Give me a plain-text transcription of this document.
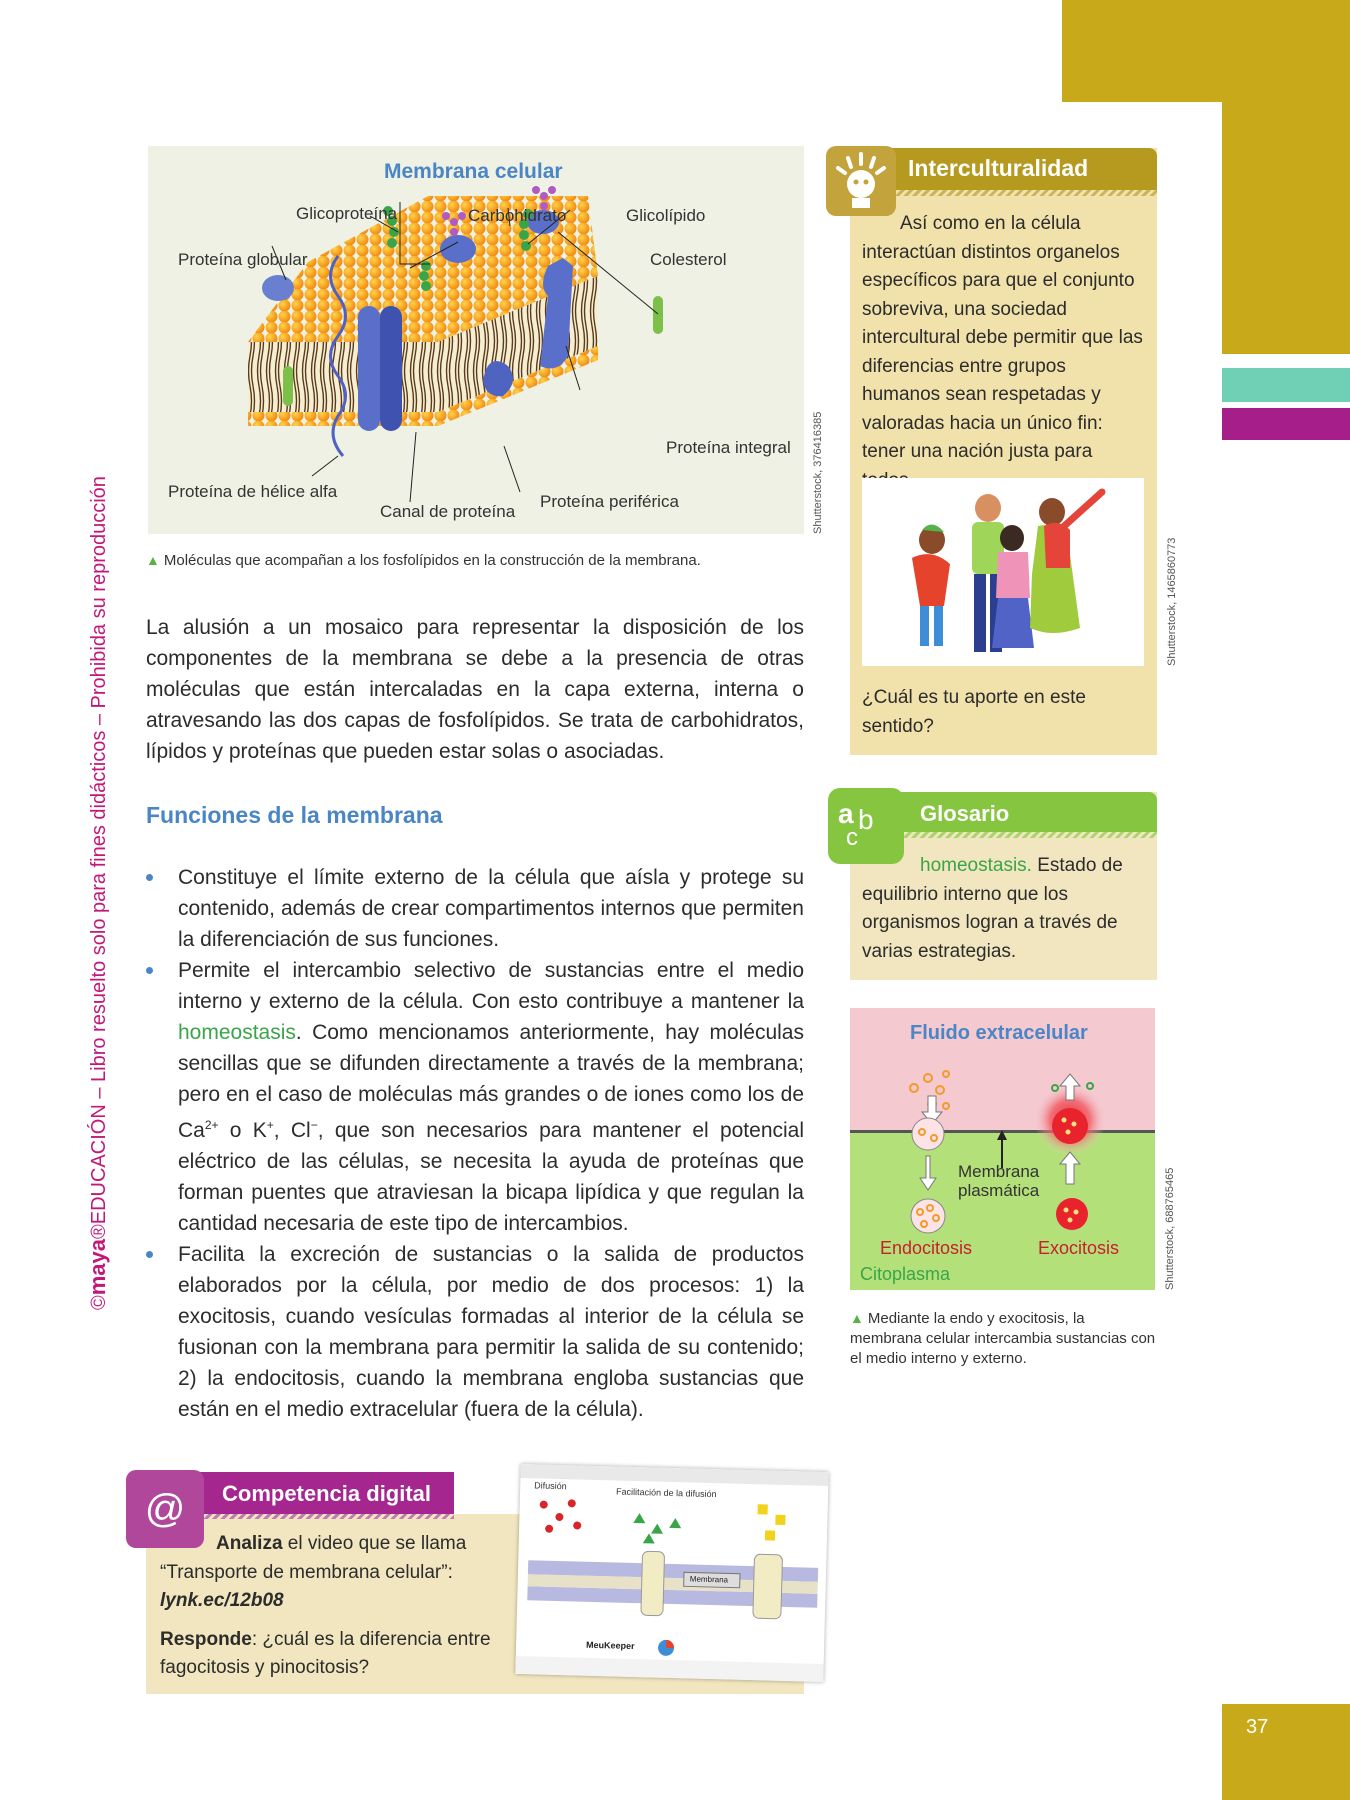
©maya®EDUCACIÓN – Libro resuelto solo para fines didácticos – Prohibida su reproducción
Membrana celular
Glicoproteína	Carbohidrato	Glicolípido
Proteína globular	Colesterol
Proteína integral
Proteína de hélice alfa
Canal de proteína
Proteína periférica	Shutterstock, 376416385
▲ Moléculas que acompañan a los fosfolípidos en la construcción de la membrana.
La alusión a un mosaico para representar la disposición de los componentes de la membrana se debe a la presencia de otras moléculas que están intercaladas en la capa externa, interna o atravesando las dos capas de fosfolípidos. Se trata de carbohidratos, lípidos y proteínas que pueden estar solas o asociadas.
Funciones de la membrana
Constituye el límite externo de la célula que aísla y protege su contenido, además de crear compartimentos internos que permiten la diferenciación de sus funciones.
Permite el intercambio selectivo de sustancias entre el medio interno y externo de la célula. Con esto contribuye a mantener la homeostasis. Como mencionamos anteriormente, hay moléculas sencillas que se difunden directamente a través de la membrana; pero en el caso de moléculas más grandes o de iones como los de $Ca^{2+}$ o K+, Cl−, que son necesarios para mantener el potencial eléctrico de las células, se necesita la ayuda de proteínas que forman puentes que atraviesan la bicapa lipídica y que regulan la cantidad necesaria de este tipo de intercambios.
Facilita la excreción de sustancias o la salida de productos elaborados por la célula, por medio de dos procesos: 1) la exocitosis, cuando vesículas formadas al interior de la célula se fusionan con la membrana para permitir la salida de su contenido; 2) la endocitosis, cuando la membrana engloba sustancias que están en el medio extracelular (fuera de la célula).
Interculturalidad
Así como en la célula interactúan distintos organelos específicos para que el conjunto sobreviva, una sociedad intercultural debe permitir que las diferencias entre grupos humanos sean respetadas y valoradas hacia un único fin: tener una nación justa para
¿Cuál es tu aporte en este sentido?
Shutterstock, 1465860773
a b
c
Glosario
homeostasis. Estado de equilibrio interno que los organismos logran a través de varias estrategias.
Fluido extracelular
Membrana
plasmática
Endocitosis	Exocitosis
Citoplasma	Shutterstock, 688765465
▲ Mediante la endo y exocitosis, la membrana celular intercambia sustancias con el medio interno y externo.
@	Competencia digital
Analiza el video que se llama “Transporte de membrana celular”:
lynk.ec/12b08
Responde: ¿cuál es la diferencia entre fagocitosis y pinocitosis?
Difusión
Facilitación de la difusión
Membrana
MeuKeeper
37
